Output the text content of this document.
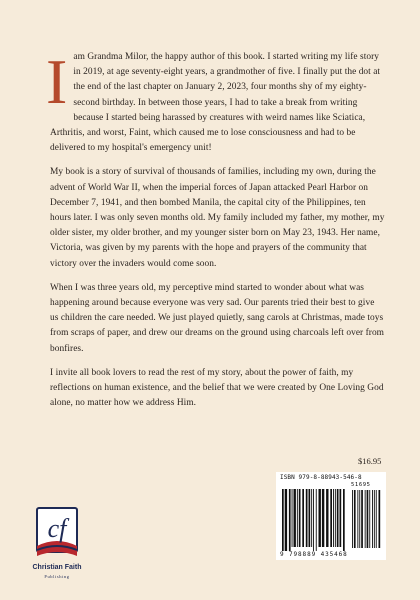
Iam Grandma Milor, the happy author of this book. I started writing my life story in 2019, at age seventy-eight years, a grandmother of five. I finally put the dot at the end of the last chapter on January 2, 2023, four months shy of my eighty-second birthday. In between those years, I had to take a break from writing because I started being harassed by creatures with weird names like Sciatica, Arthritis, and worst, Faint, which caused me to lose consciousness and had to be delivered to my hospital's emergency unit!

My book is a story of survival of thousands of families, including my own, during the advent of World War II, when the imperial forces of Japan attacked Pearl Harbor on December 7, 1941, and then bombed Manila, the capital city of the Philippines, ten hours later. I was only seven months old. My family included my father, my mother, my older sister, my older brother, and my younger sister born on May 23, 1943. Her name, Victoria, was given by my parents with the hope and prayers of the community that victory over the invaders would come soon.

When I was three years old, my perceptive mind started to wonder about what was happening around because everyone was very sad. Our parents tried their best to give us children the care needed. We just played quietly, sang carols at Christmas, made toys from scraps of paper, and drew our dreams on the ground using charcoals left over from bonfires.

I invite all book lovers to read the rest of my story, about the power of faith, my reflections on human existence, and the belief that we were created by One Loving God alone, no matter how we address Him.

$16.95
ISBN 979-8-88943-546-8
51695
9 798889 435468
cf
Christian Faith
Publishing
